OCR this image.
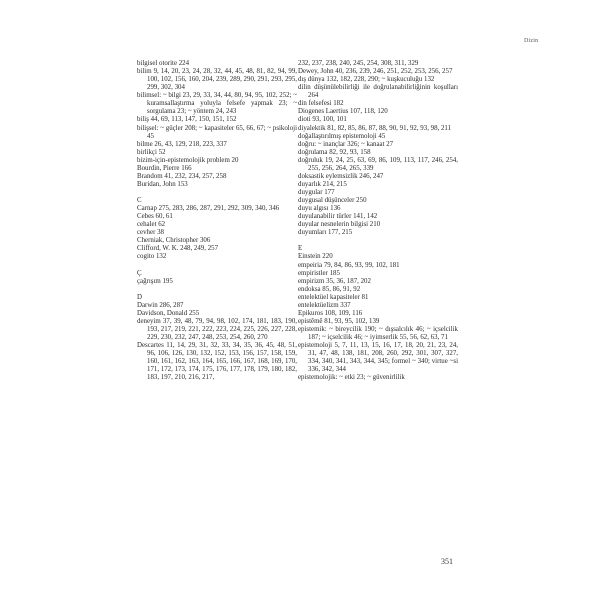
Dizin
bilgisel otorite 224
bilim 9, 14, 20, 23, 24, 28, 32, 44, 45, 48, 81, 82, 94, 99, 100, 102, 156, 160, 204, 239, 289, 290, 291, 293, 295, 299, 302, 304
bilimsel: ~ bilgi 23, 29, 33, 34, 44, 80, 94, 95, 102, 252; ~ kuramsallaştırma yoluyla felsefe yapmak 23; ~ sorgulama 23; ~ yöntem 24, 243
biliş 44, 69, 113, 147, 150, 151, 152
bilişsel: ~ güçler 208; ~ kapasiteler 65, 66, 67; ~ psikoloji 45
bilme 26, 43, 129, 218, 223, 337
birlikçi 52
bizim-için-epistemolojik problem 20
Bourdin, Pierre 166
Brandom 41, 232, 234, 257, 258
Buridan, John 153
C
Carnap 275, 283, 286, 287, 291, 292, 309, 340, 346
Cebes 60, 61
cehalet 62
cevher 38
Cherniak, Christopher 306
Clifford, W. K. 248, 249, 257
cogito 132
Ç
çağrışım 195
D
Darwin 286, 287
Davidson, Donald 255
deneyim 37, 39, 48, 79, 94, 98, 102, 174, 181, 183, 190, 193, 217, 219, 221, 222, 223, 224, 225, 226, 227, 228, 229, 230, 232, 247, 248, 253, 254, 260, 270
Descartes 11, 14, 29, 31, 32, 33, 34, 35, 36, 45, 48, 51, 96, 106, 126, 130, 132, 152, 153, 156, 157, 158, 159, 160, 161, 162, 163, 164, 165, 166, 167, 168, 169, 170, 171, 172, 173, 174, 175, 176, 177, 178, 179, 180, 182, 183, 197, 210, 216, 217,
232, 237, 238, 240, 245, 254, 308, 311, 329
Dewey, John 40, 236, 239, 246, 251, 252, 253, 256, 257
dış dünya 132, 182, 228, 290; ~ kuşkuculuğu 132
dilin düşünülebilirliği ile doğrulanabilirliğinin koşulları 264
din felsefesi 182
Diogenes Laertius 107, 118, 120
dioti 93, 100, 101
diyalektik 81, 82, 85, 86, 87, 88, 90, 91, 92, 93, 98, 211
doğallaştırılmış epistemoloji 45
doğru: ~ inançlar 326; ~ kanaat 27
doğrulama 82, 92, 93, 158
doğruluk 19, 24, 25, 63, 69, 86, 109, 113, 117, 246, 254, 255, 256, 264, 265, 339
doksastik eylemsizlik 246, 247
duyarlık 214, 215
duygular 177
duygusal düşünceler 250
duyu algısı 136
duyulanabilir türler 141, 142
duyular nesnelerin bilgisi 210
duyumları 177, 215
E
Einstein 220
empeiria 79, 84, 86, 93, 99, 102, 181
empiristler 185
empirizm 35, 36, 187, 202
endoksa 85, 86, 91, 92
entelektüel kapasiteler 81
entelektüelizm 337
Epikuros 108, 109, 116
epistêmê 81, 93, 95, 102, 139
epistemik: ~ bireycilik 190; ~ dışsalcılık 46; ~ içselcilik 187; ~ içselcilik 46; ~ iyimserlik 55, 56, 62, 63, 71
epistemoloji 5, 7, 11, 13, 15, 16, 17, 18, 20, 21, 23, 24, 31, 47, 48, 138, 181, 208, 260, 292, 301, 307, 327, 334, 340, 341, 343, 344, 345; formel ~ 340; virtue ~si 336, 342, 344
epistemolojik: ~ etki 23; ~ güvenirlilik
351
